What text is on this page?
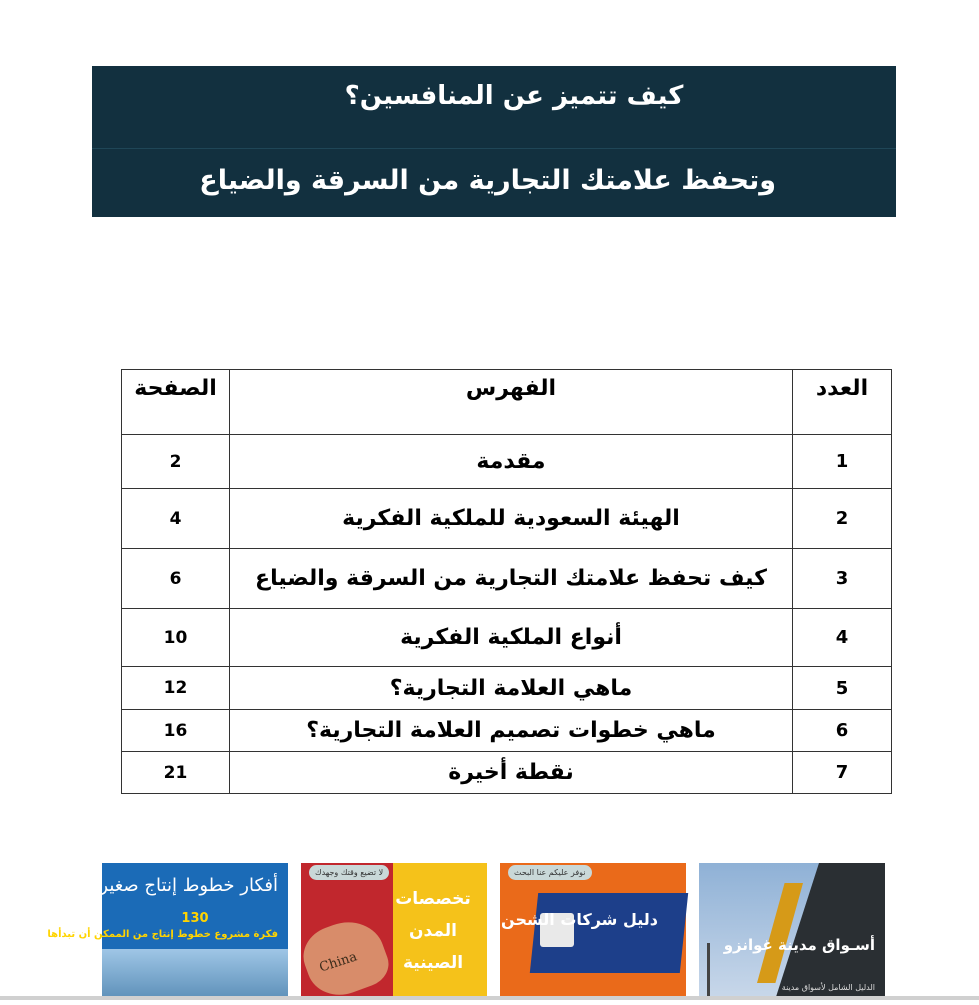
كيف تتميز عن المنافسين؟
وتحفظ علامتك التجارية من السرقة والضياع
العدد	الفهرس	الصفحة
1	مقدمة	2
2	الهيئة السعودية للملكية الفكرية	4
3	كيف تحفظ علامتك التجارية من السرقة والضياع	6
4	أنواع الملكية الفكرية	10
5	ماهي العلامة التجارية؟	12
6	ماهي خطوات تصميم العلامة التجارية؟	16
7	نقطة أخيرة	21
أفكار خطوط إنتاج صغيرة
130
فكرة مشروع خطوط إنتاج من الممكن أن تبدأها
China
لا تضيع وقتك وجهدك
تخصصات المدن الصينية
نوفر عليكم عنا البحث
دليل شركات الشحن
أسـواق مدينة غوانزو
الدليل الشامل لأسواق مدينة
